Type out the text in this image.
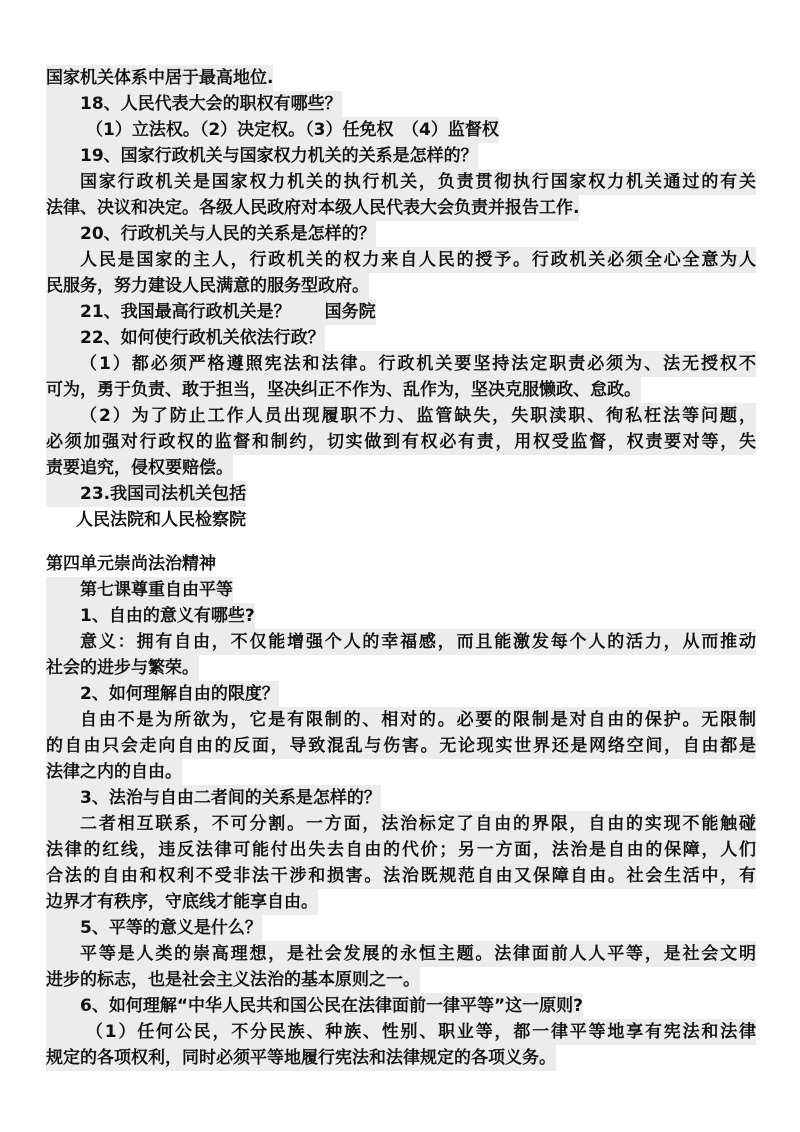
国家机关体系中居于最高地位.
18、人民代表大会的职权有哪些？
（1）立法权。（2）决定权。（3）任免权　（4）监督权
19、国家行政机关与国家权力机关的关系是怎样的？
国家行政机关是国家权力机关的执行机关，负责贯彻执行国家权力机关通过的有关
法律、决议和决定。各级人民政府对本级人民代表大会负责并报告工作.
20、行政机关与人民的关系是怎样的？
人民是国家的主人，行政机关的权力来自人民的授予。行政机关必须全心全意为人
民服务，努力建设人民满意的服务型政府。
21、我国最高行政机关是？　　国务院
22、如何使行政机关依法行政？
（1）都必须严格遵照宪法和法律。行政机关要坚持法定职责必须为、法无授权不
可为，勇于负责、敢于担当，坚决纠正不作为、乱作为，坚决克服懒政、怠政。
（2）为了防止工作人员出现履职不力、监管缺失，失职渎职、徇私枉法等问题，
必须加强对行政权的监督和制约，切实做到有权必有责，用权受监督，权责要对等，失
责要追究，侵权要赔偿。
23.我国司法机关包括
人民法院和人民检察院
第四单元崇尚法治精神
第七课尊重自由平等
1、自由的意义有哪些?
意义：拥有自由，不仅能增强个人的幸福感，而且能激发每个人的活力，从而推动
社会的进步与繁荣。
2、如何理解自由的限度？
自由不是为所欲为，它是有限制的、相对的。必要的限制是对自由的保护。无限制
的自由只会走向自由的反面，导致混乱与伤害。无论现实世界还是网络空间，自由都是
法律之内的自由。
3、法治与自由二者间的关系是怎样的？
二者相互联系，不可分割。一方面，法治标定了自由的界限，自由的实现不能触碰
法律的红线，违反法律可能付出失去自由的代价；另一方面，法治是自由的保障，人们
合法的自由和权利不受非法干涉和损害。法治既规范自由又保障自由。社会生活中，有
边界才有秩序，守底线才能享自由。
5、平等的意义是什么？
平等是人类的崇高理想，是社会发展的永恒主题。法律面前人人平等，是社会文明
进步的标志，也是社会主义法治的基本原则之一。
6、如何理解“中华人民共和国公民在法律面前一律平等”这一原则?
（1）任何公民，不分民族、种族、性别、职业等，都一律平等地享有宪法和法律
规定的各项权利，同时必须平等地履行宪法和法律规定的各项义务。
